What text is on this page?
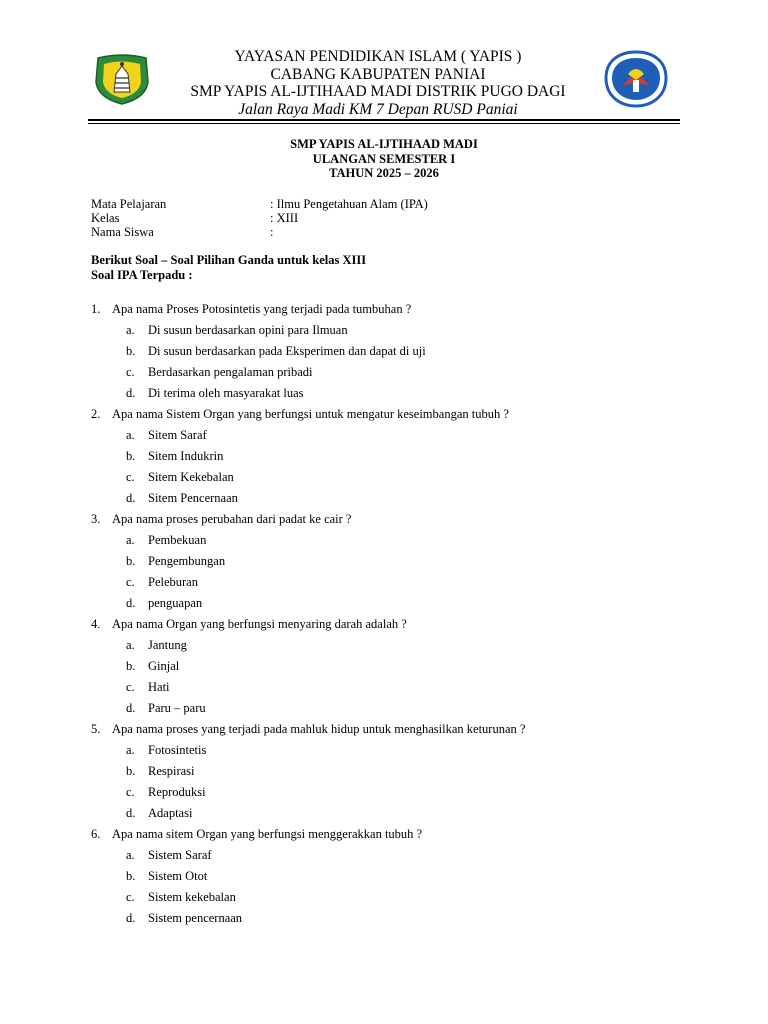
YAYASAN PENDIDIKAN ISLAM ( YAPIS )
CABANG KABUPATEN PANIAI
SMP YAPIS AL-IJTIHAAD MADI DISTRIK PUGO DAGI
Jalan Raya Madi KM 7 Depan RUSD Paniai
SMP YAPIS AL-IJTIHAAD MADI
ULANGAN SEMESTER I
TAHUN 2025 – 2026
Mata Pelajaran	: Ilmu Pengetahuan Alam (IPA)
Kelas	: XIII
Nama Siswa	:
Berikut Soal – Soal Pilihan Ganda untuk kelas XIII
Soal IPA Terpadu :
1. Apa nama Proses Potosintetis yang terjadi pada tumbuhan ?
a. Di susun berdasarkan opini para Ilmuan
b. Di susun berdasarkan pada Eksperimen dan dapat di uji
c. Berdasarkan pengalaman pribadi
d. Di terima oleh masyarakat luas
2. Apa nama Sistem Organ yang berfungsi untuk mengatur keseimbangan tubuh ?
a. Sitem Saraf
b. Sitem Indukrin
c. Sitem Kekebalan
d. Sitem Pencernaan
3. Apa nama proses perubahan dari padat ke cair ?
a. Pembekuan
b. Pengembungan
c. Peleburan
d. penguapan
4. Apa nama Organ yang berfungsi menyaring darah adalah ?
a. Jantung
b. Ginjal
c. Hati
d. Paru – paru
5. Apa nama proses yang terjadi pada mahluk hidup untuk menghasilkan keturunan ?
a. Fotosintetis
b. Respirasi
c. Reproduksi
d. Adaptasi
6. Apa nama sitem Organ yang berfungsi menggerakkan tubuh ?
a. Sistem Saraf
b. Sistem Otot
c. Sistem kekebalan
d. Sistem pencernaan
